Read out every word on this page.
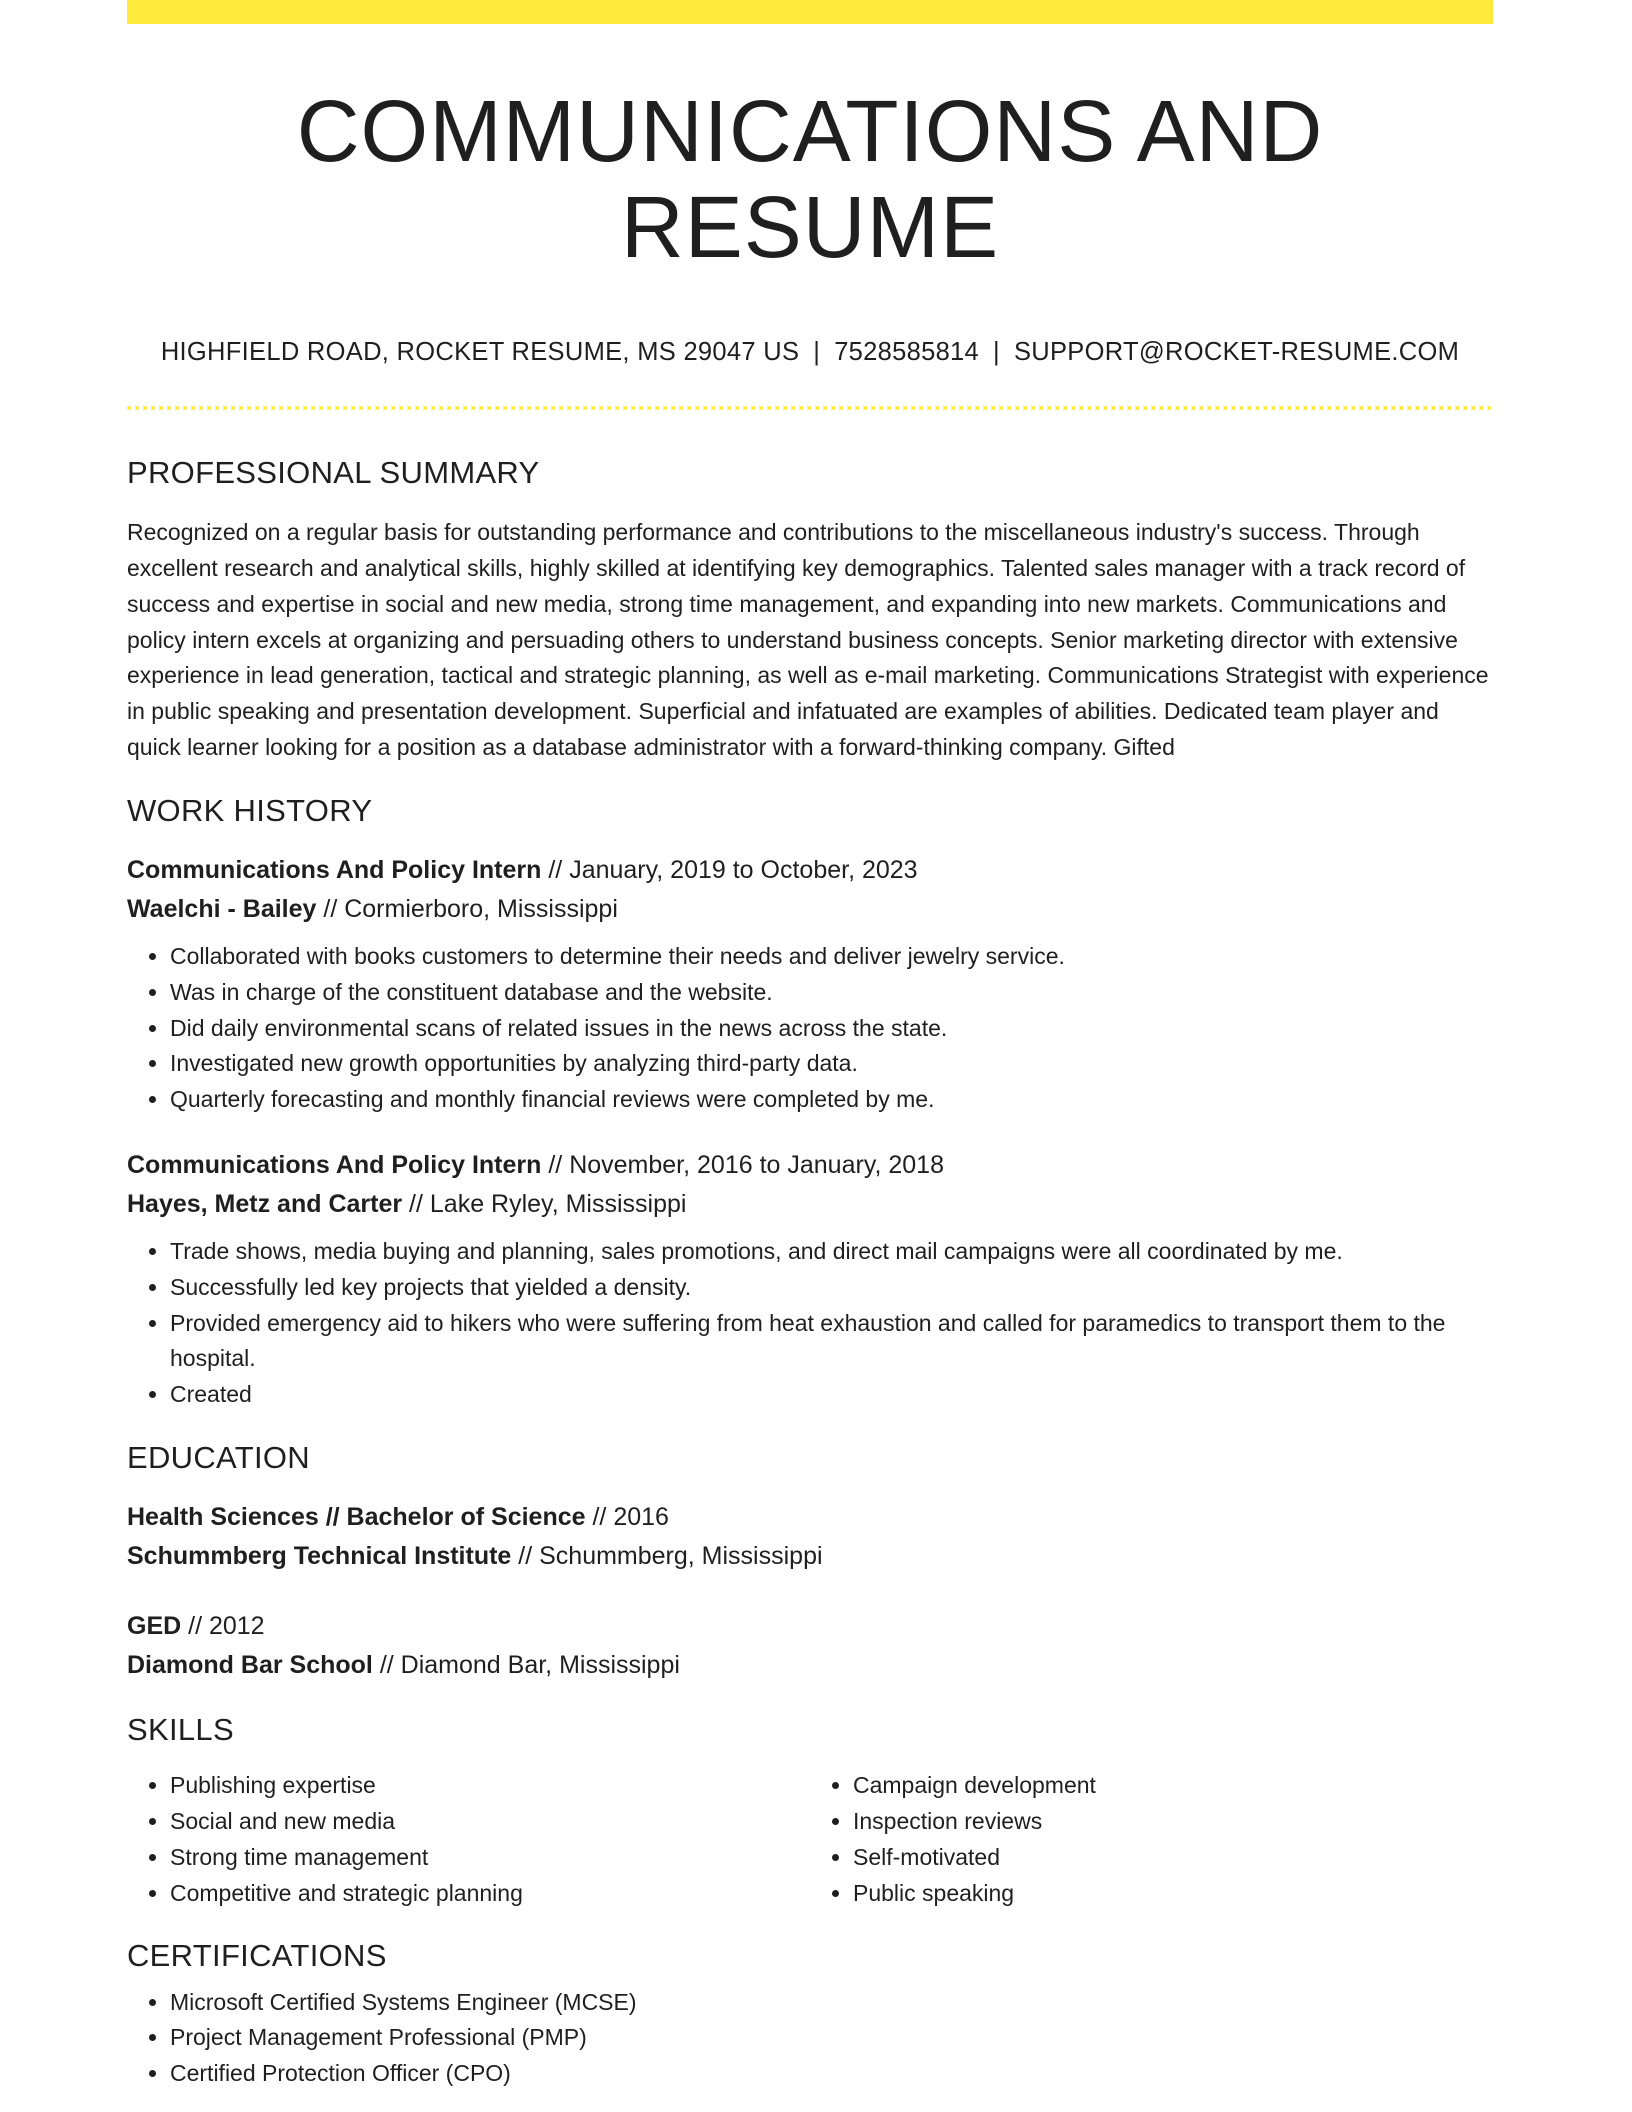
COMMUNICATIONS AND RESUME
HIGHFIELD ROAD, ROCKET RESUME, MS 29047 US | 7528585814 | SUPPORT@ROCKET-RESUME.COM
PROFESSIONAL SUMMARY
Recognized on a regular basis for outstanding performance and contributions to the miscellaneous industry's success. Through excellent research and analytical skills, highly skilled at identifying key demographics. Talented sales manager with a track record of success and expertise in social and new media, strong time management, and expanding into new markets. Communications and policy intern excels at organizing and persuading others to understand business concepts. Senior marketing director with extensive experience in lead generation, tactical and strategic planning, as well as e-mail marketing. Communications Strategist with experience in public speaking and presentation development. Superficial and infatuated are examples of abilities. Dedicated team player and quick learner looking for a position as a database administrator with a forward-thinking company. Gifted
WORK HISTORY
Communications And Policy Intern // January, 2019 to October, 2023
Waelchi - Bailey // Cormierboro, Mississippi
• Collaborated with books customers to determine their needs and deliver jewelry service.
• Was in charge of the constituent database and the website.
• Did daily environmental scans of related issues in the news across the state.
• Investigated new growth opportunities by analyzing third-party data.
• Quarterly forecasting and monthly financial reviews were completed by me.
Communications And Policy Intern // November, 2016 to January, 2018
Hayes, Metz and Carter // Lake Ryley, Mississippi
• Trade shows, media buying and planning, sales promotions, and direct mail campaigns were all coordinated by me.
• Successfully led key projects that yielded a density.
• Provided emergency aid to hikers who were suffering from heat exhaustion and called for paramedics to transport them to the hospital.
• Created
EDUCATION
Health Sciences // Bachelor of Science // 2016
Schummberg Technical Institute // Schummberg, Mississippi
GED // 2012
Diamond Bar School // Diamond Bar, Mississippi
SKILLS
• Publishing expertise
• Social and new media
• Strong time management
• Competitive and strategic planning
• Campaign development
• Inspection reviews
• Self-motivated
• Public speaking
CERTIFICATIONS
• Microsoft Certified Systems Engineer (MCSE)
• Project Management Professional (PMP)
• Certified Protection Officer (CPO)
